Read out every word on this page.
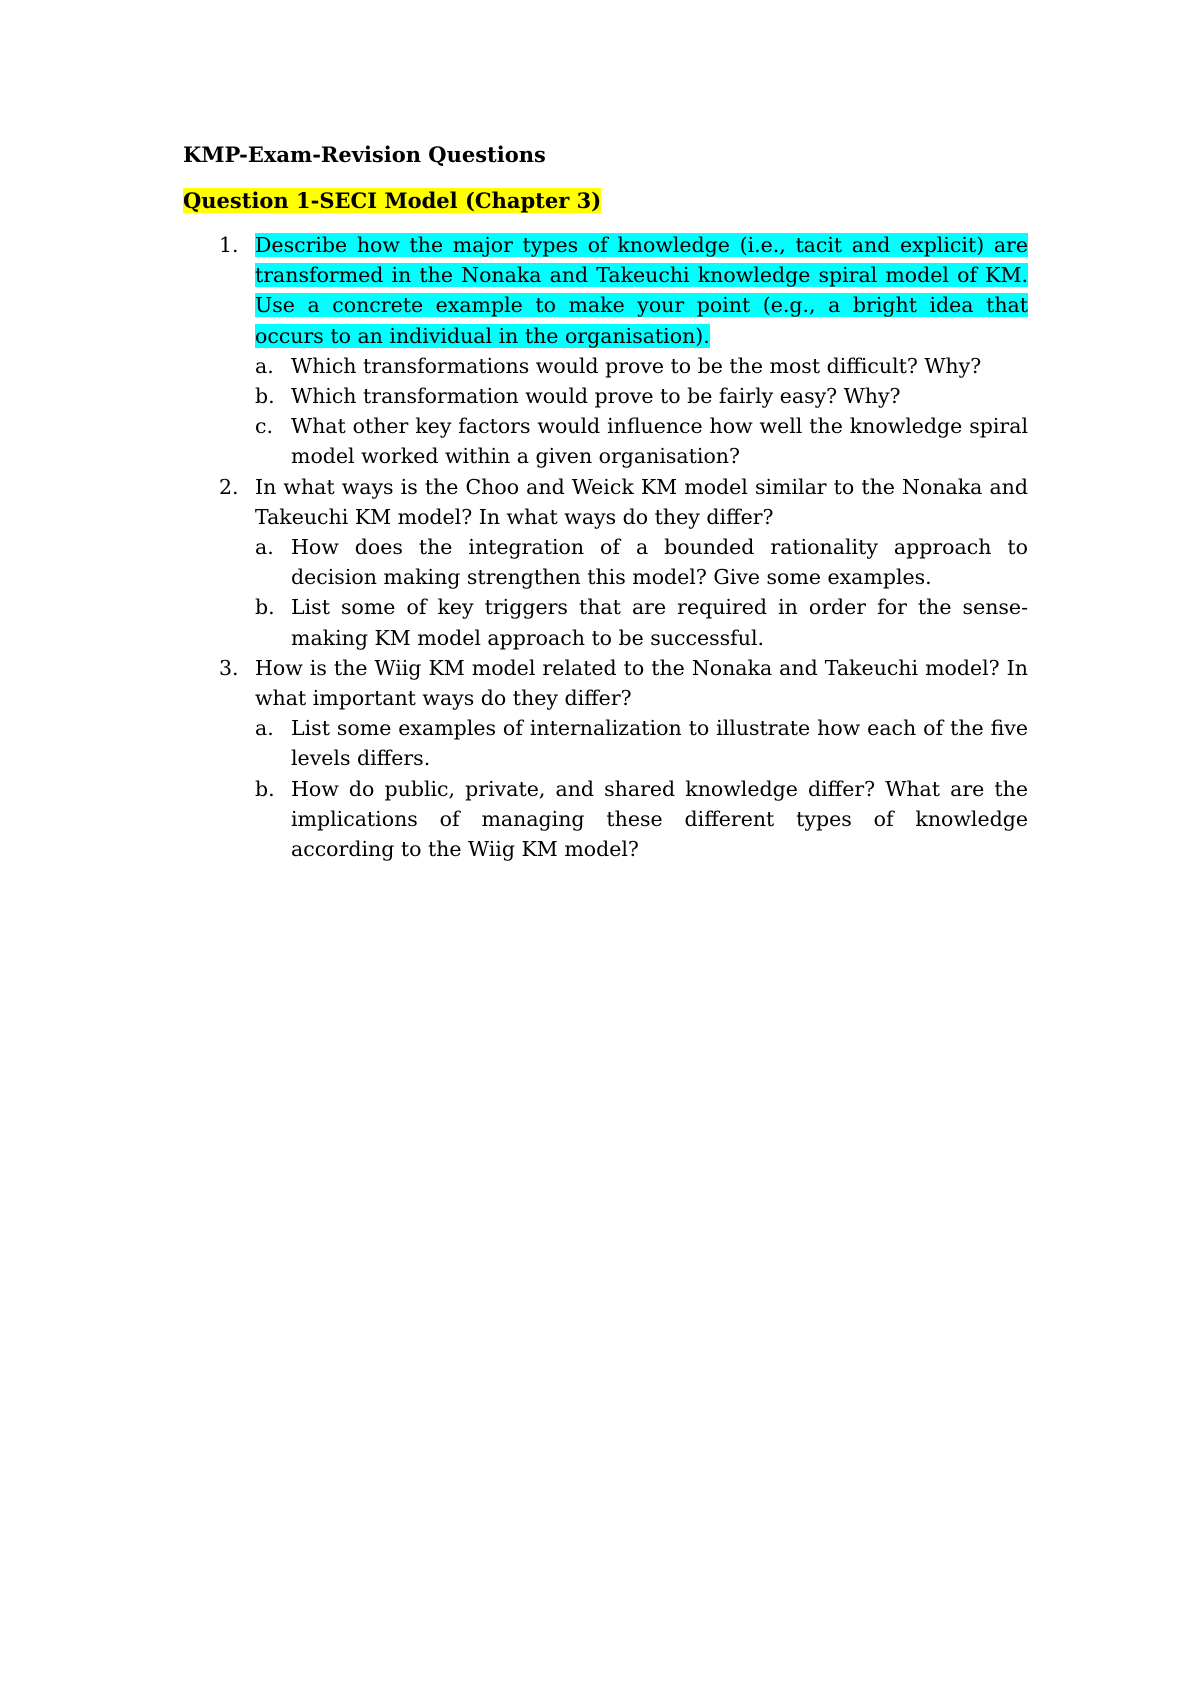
KMP-Exam-Revision Questions
Question 1-SECI Model (Chapter 3)
1. Describe how the major types of knowledge (i.e., tacit and explicit) are transformed in the Nonaka and Takeuchi knowledge spiral model of KM. Use a concrete example to make your point (e.g., a bright idea that occurs to an individual in the organisation).
a. Which transformations would prove to be the most difficult? Why?
b. Which transformation would prove to be fairly easy? Why?
c. What other key factors would influence how well the knowledge spiral model worked within a given organisation?
2. In what ways is the Choo and Weick KM model similar to the Nonaka and Takeuchi KM model? In what ways do they differ?
a. How does the integration of a bounded rationality approach to decision making strengthen this model? Give some examples.
b. List some of key triggers that are required in order for the sense-making KM model approach to be successful.
3. How is the Wiig KM model related to the Nonaka and Takeuchi model? In what important ways do they differ?
a. List some examples of internalization to illustrate how each of the five levels differs.
b. How do public, private, and shared knowledge differ? What are the implications of managing these different types of knowledge according to the Wiig KM model?
